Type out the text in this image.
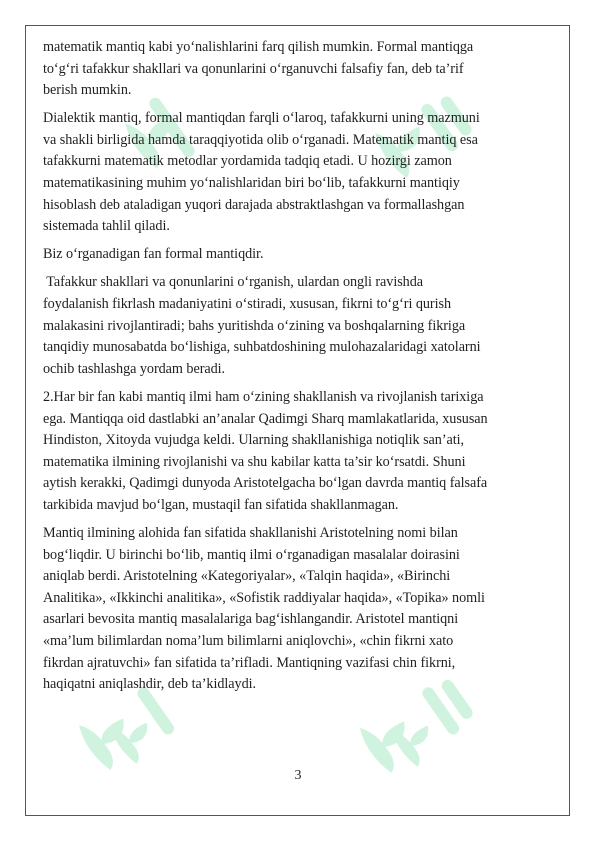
matematik mantiq kabi yo‘nalishlarini farq qilish mumkin. Formal mantiqga
to‘g‘ri tafakkur shakllari va qonunlarini o‘rganuvchi falsafiy fan, deb ta’rif
berish mumkin.

Dialektik mantiq, formal mantiqdan farqli o‘laroq, tafakkurni uning mazmuni
va shakli birligida hamda taraqqiyotida olib o‘rganadi. Matematik mantiq esa
tafakkurni matematik metodlar yordamida tadqiq etadi. U hozirgi zamon
matematikasining muhim yo‘nalishlaridan biri bo‘lib, tafakkurni mantiqiy
hisoblash deb ataladigan yuqori darajada abstraktlashgan va formallashgan
sistemada tahlil qiladi.

Biz o‘rganadigan fan formal mantiqdir.

Tafakkur shakllari va qonunlarini o‘rganish, ulardan ongli ravishda
foydalanish fikrlash madaniyatini o‘stiradi, xususan, fikrni to‘g‘ri qurish
malakasini rivojlantiradi; bahs yuritishda o‘zining va boshqalarning fikriga
tanqidiy munosabatda bo‘lishiga, suhbatdoshining mulohazalaridagi xatolarni
ochib tashlashga yordam beradi.

2.Har bir fan kabi mantiq ilmi ham o‘zining shakllanish va rivojlanish tarixiga
ega. Mantiqqa oid dastlabki an’analar Qadimgi Sharq mamlakatlarida, xususan
Hindiston, Xitoyda vujudga keldi. Ularning shakllanishiga notiqlik san’ati,
matematika ilmining rivojlanishi va shu kabilar katta ta’sir ko‘rsatdi. Shuni
aytish kerakki, Qadimgi dunyoda Aristotelgacha bo‘lgan davrda mantiq falsafa
tarkibida mavjud bo‘lgan, mustaqil fan sifatida shakllanmagan.

Mantiq ilmining alohida fan sifatida shakllanishi Aristotelning nomi bilan
bog‘liqdir. U birinchi bo‘lib, mantiq ilmi o‘rganadigan masalalar doirasini
aniqlab berdi. Aristotelning «Kategoriyalar», «Talqin haqida», «Birinchi
Analitika», «Ikkinchi analitika», «Sofistik raddiyalar haqida», «Topika» nomli
asarlari bevosita mantiq masalalariga bag‘ishlangandir. Aristotel mantiqni
«ma’lum bilimlardan noma’lum bilimlarni aniqlovchi», «chin fikrni xato
fikrdan ajratuvchi» fan sifatida ta’rifladi. Mantiqning vazifasi chin fikrni,
haqiqatni aniqlashdir, deb ta’kidlaydi.

3
